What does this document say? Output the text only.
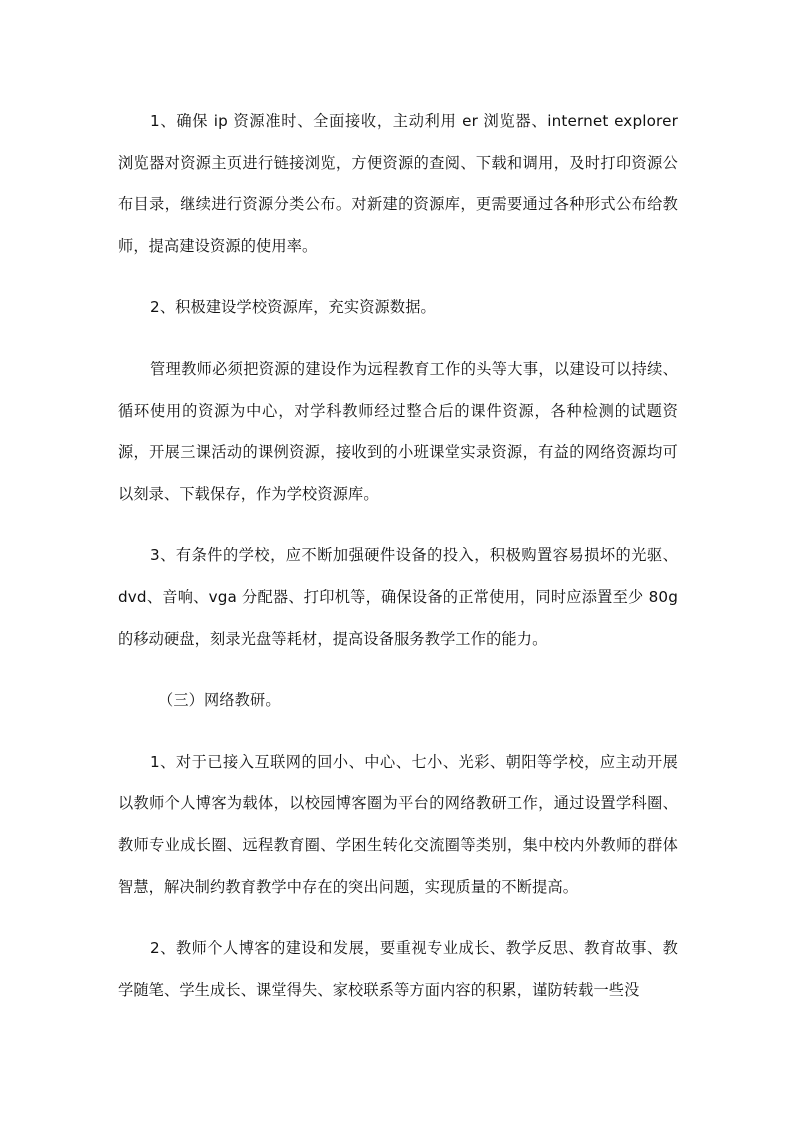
1、确保 ip 资源准时、全面接收，主动利用 er 浏览器、internet explorer 浏览器对资源主页进行链接浏览，方便资源的查阅、下载和调用，及时打印资源公布目录，继续进行资源分类公布。对新建的资源库，更需要通过各种形式公布给教师，提高建设资源的使用率。

2、积极建设学校资源库，充实资源数据。

管理教师必须把资源的建设作为远程教育工作的头等大事，以建设可以持续、循环使用的资源为中心，对学科教师经过整合后的课件资源，各种检测的试题资源，开展三课活动的课例资源，接收到的小班课堂实录资源，有益的网络资源均可以刻录、下载保存，作为学校资源库。

3、有条件的学校，应不断加强硬件设备的投入，积极购置容易损坏的光驱、dvd、音响、vga 分配器、打印机等，确保设备的正常使用，同时应添置至少 80g 的移动硬盘，刻录光盘等耗材，提高设备服务教学工作的能力。

（三）网络教研。

1、对于已接入互联网的回小、中心、七小、光彩、朝阳等学校，应主动开展以教师个人博客为载体，以校园博客圈为平台的网络教研工作，通过设置学科圈、教师专业成长圈、远程教育圈、学困生转化交流圈等类别，集中校内外教师的群体智慧，解决制约教育教学中存在的突出问题，实现质量的不断提高。

2、教师个人博客的建设和发展，要重视专业成长、教学反思、教育故事、教学随笔、学生成长、课堂得失、家校联系等方面内容的积累，谨防转载一些没
